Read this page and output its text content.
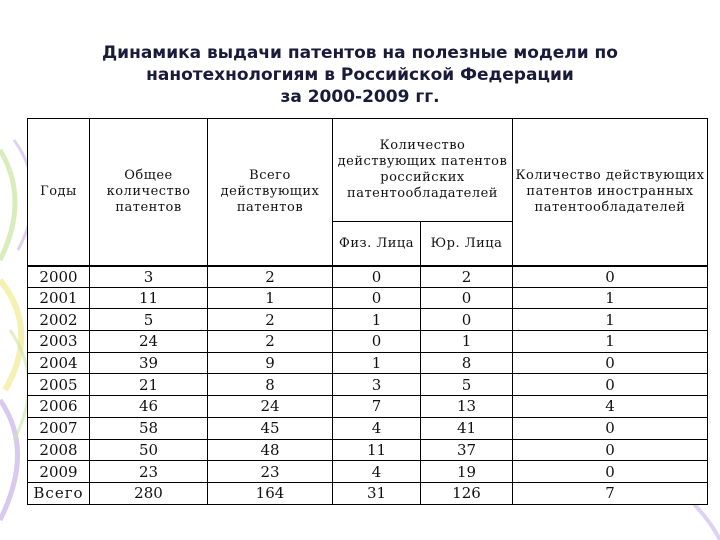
Динамика выдачи патентов на полезные модели по
нанотехнологиям в Российской Федерации
за 2000-2009 гг.
Годы	Общее количество патентов	Всего действующих патентов	Количество действующих патентов российских патентообладателей		Количество действующих патентов иностранных патентообладателей
			Физ. Лица	Юр. Лица	
2000	3	2	0	2	0
2001	11	1	0	0	1
2002	5	2	1	0	1
2003	24	2	0	1	1
2004	39	9	1	8	0
2005	21	8	3	5	0
2006	46	24	7	13	4
2007	58	45	4	41	0
2008	50	48	11	37	0
2009	23	23	4	19	0
Всего	280	164	31	126	7
